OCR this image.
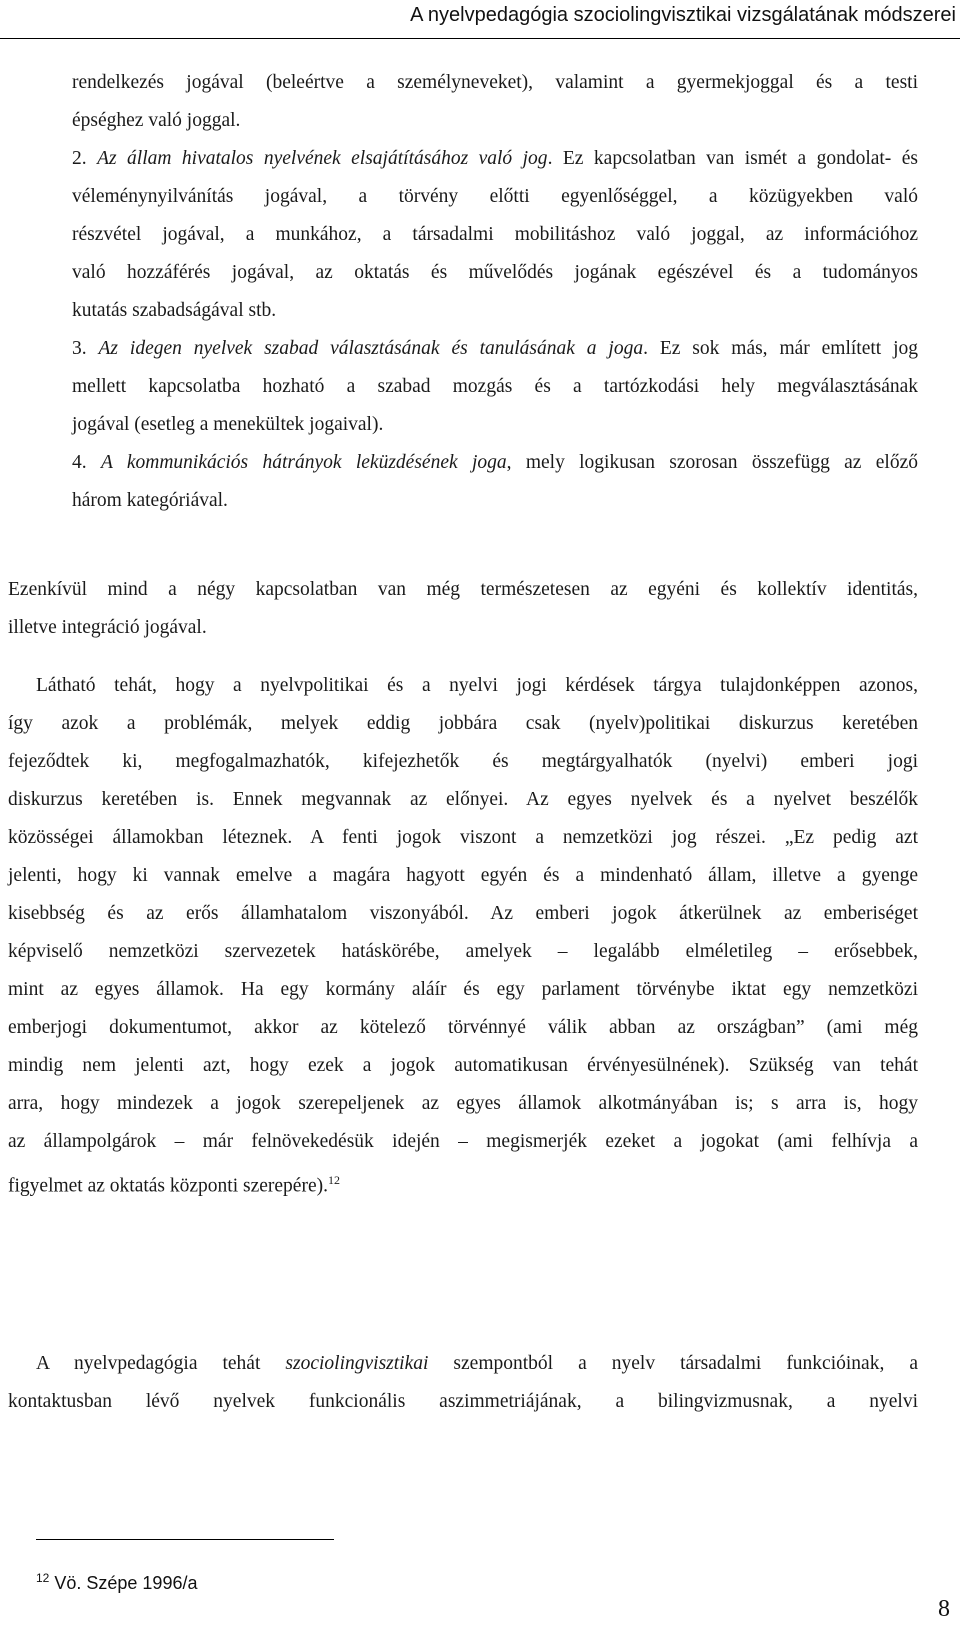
A nyelvpedagógia szociolingvisztikai vizsgálatának módszerei
rendelkezés jogával (beleértve a személyneveket), valamint a gyermekjoggal és a testi
épséghez való joggal.
2. Az állam hivatalos nyelvének elsajátításához való jog. Ez kapcsolatban van ismét a gondolat- és
véleménynyilvánítás jogával, a törvény előtti egyenlőséggel, a közügyekben való
részvétel jogával, a munkához, a társadalmi mobilitáshoz való joggal, az információhoz
való hozzáférés jogával, az oktatás és művelődés jogának egészével és a tudományos
kutatás szabadságával stb.
3. Az idegen nyelvek szabad választásának és tanulásának a joga. Ez sok más, már említett jog
mellett kapcsolatba hozható a szabad mozgás és a tartózkodási hely megválasztásának
jogával (esetleg a menekültek jogaival).
4. A kommunikációs hátrányok leküzdésének joga, mely logikusan szorosan összefügg az előző
három kategóriával.
Ezenkívül mind a négy kapcsolatban van még természetesen az egyéni és kollektív identitás,
illetve integráció jogával.
Látható tehát, hogy a nyelvpolitikai és a nyelvi jogi kérdések tárgya tulajdonképpen azonos,
így azok a problémák, melyek eddig jobbára csak (nyelv)politikai diskurzus keretében
fejeződtek ki, megfogalmazhatók, kifejezhetők és megtárgyalhatók (nyelvi) emberi jogi
diskurzus keretében is. Ennek megvannak az előnyei. Az egyes nyelvek és a nyelvet beszélők
közösségei államokban léteznek. A fenti jogok viszont a nemzetközi jog részei. „Ez pedig azt
jelenti, hogy ki vannak emelve a magára hagyott egyén és a mindenható állam, illetve a gyenge
kisebbség és az erős államhatalom viszonyából. Az emberi jogok átkerülnek az emberiséget
képviselő nemzetközi szervezetek hatáskörébe, amelyek – legalább elméletileg – erősebbek,
mint az egyes államok. Ha egy kormány aláír és egy parlament törvénybe iktat egy nemzetközi
emberjogi dokumentumot, akkor az kötelező törvénnyé válik abban az országban” (ami még
mindig nem jelenti azt, hogy ezek a jogok automatikusan érvényesülnének). Szükség van tehát
arra, hogy mindezek a jogok szerepeljenek az egyes államok alkotmányában is; s arra is, hogy
az állampolgárok – már felnövekedésük idején – megismerjék ezeket a jogokat (ami felhívja a
figyelmet az oktatás központi szerepére).$^{12}$
A nyelvpedagógia tehát szociolingvisztikai szempontból a nyelv társadalmi funkcióinak, a
kontaktusban lévő nyelvek funkcionális aszimmetriájának, a bilingvizmusnak, a nyelvi
$^{12}$ Vö. Szépe 1996/a
8
